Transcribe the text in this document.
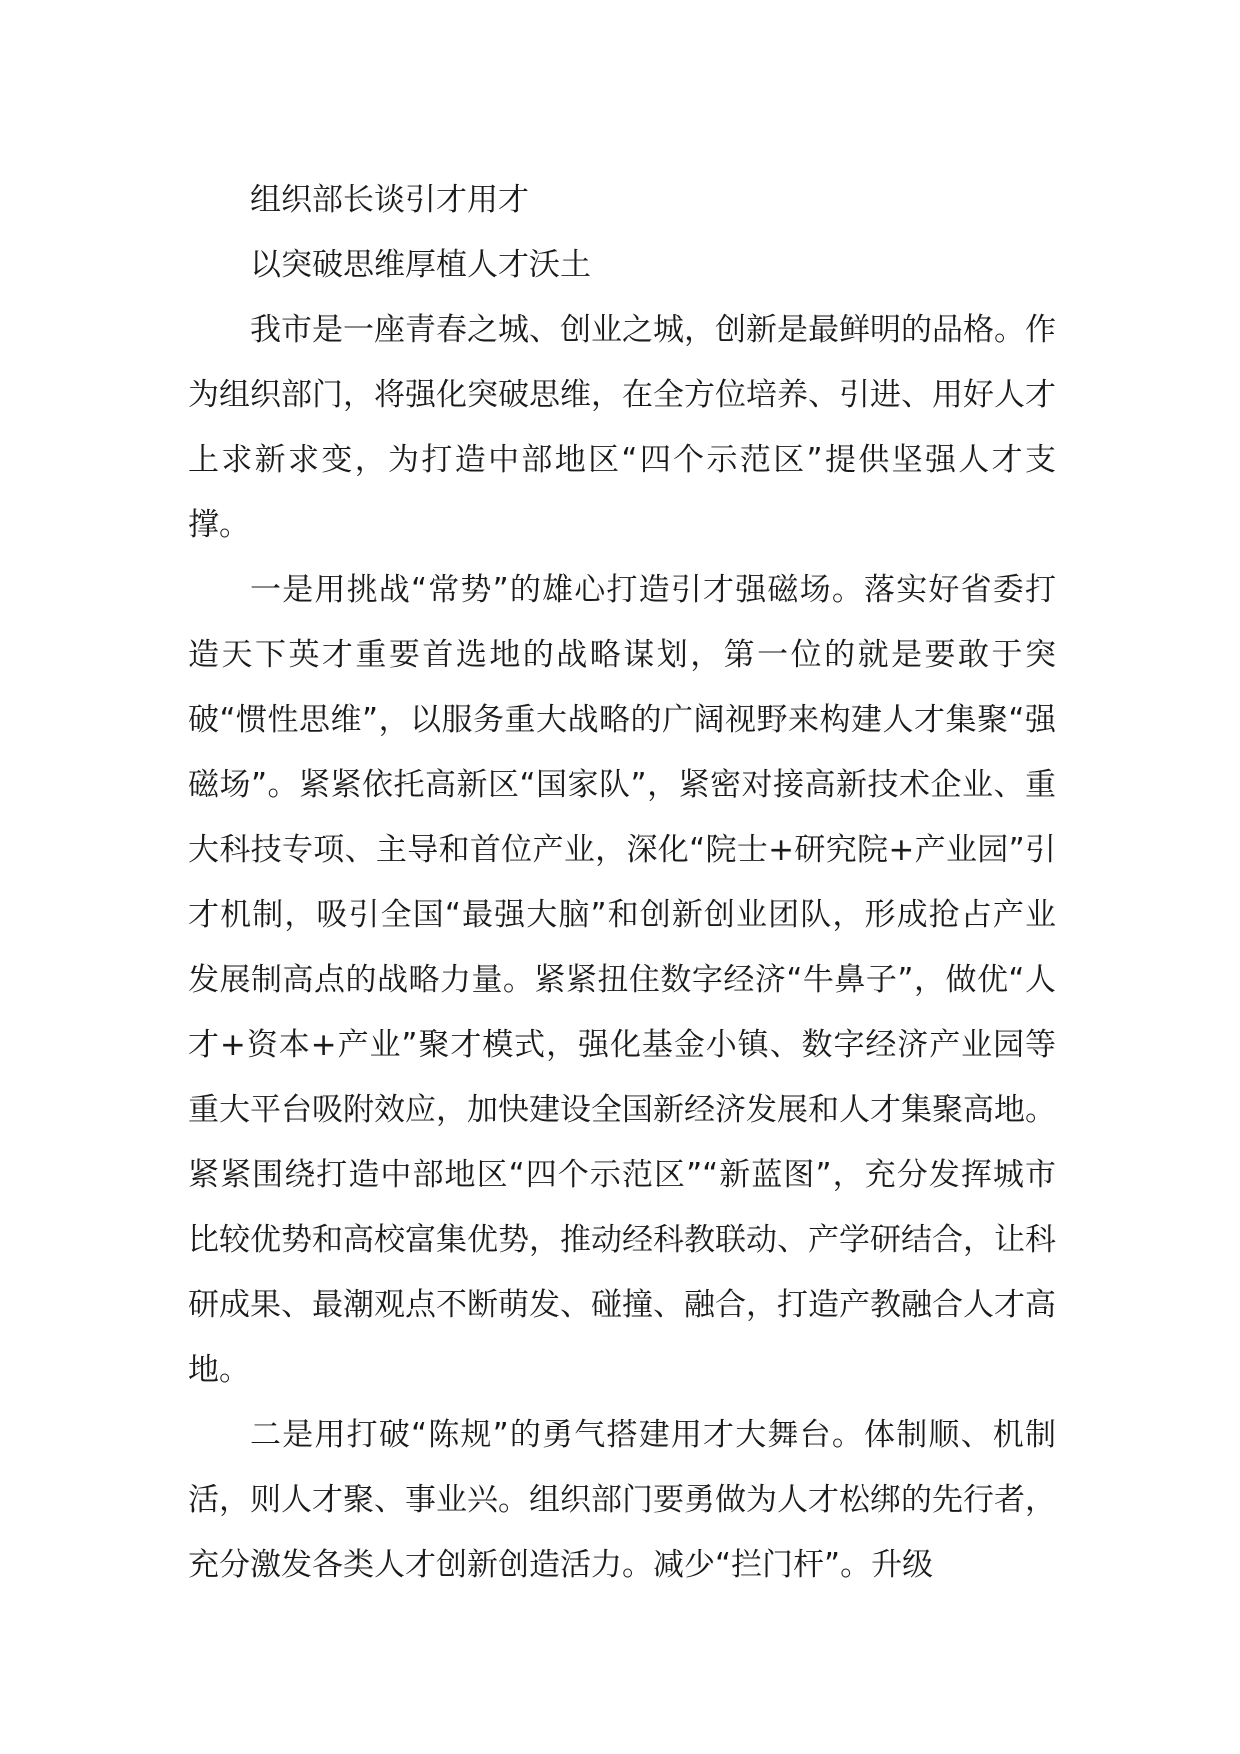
组织部长谈引才用才

以突破思维厚植人才沃土

我市是一座青春之城、创业之城，创新是最鲜明的品格。作为组织部门，将强化突破思维，在全方位培养、引进、用好人才上求新求变，为打造中部地区“四个示范区”提供坚强人才支撑。

一是用挑战“常势”的雄心打造引才强磁场。落实好省委打造天下英才重要首选地的战略谋划，第一位的就是要敢于突破“惯性思维”，以服务重大战略的广阔视野来构建人才集聚“强磁场”。紧紧依托高新区“国家队”，紧密对接高新技术企业、重大科技专项、主导和首位产业，深化“院士+研究院+产业园”引才机制，吸引全国“最强大脑”和创新创业团队，形成抢占产业发展制高点的战略力量。紧紧扭住数字经济“牛鼻子”，做优“人才+资本+产业”聚才模式，强化基金小镇、数字经济产业园等重大平台吸附效应，加快建设全国新经济发展和人才集聚高地。紧紧围绕打造中部地区“四个示范区”“新蓝图”，充分发挥城市比较优势和高校富集优势，推动经科教联动、产学研结合，让科研成果、最潮观点不断萌发、碰撞、融合，打造产教融合人才高地。

二是用打破“陈规”的勇气搭建用才大舞台。体制顺、机制活，则人才聚、事业兴。组织部门要勇做为人才松绑的先行者，充分激发各类人才创新创造活力。减少“拦门杆”。升级
